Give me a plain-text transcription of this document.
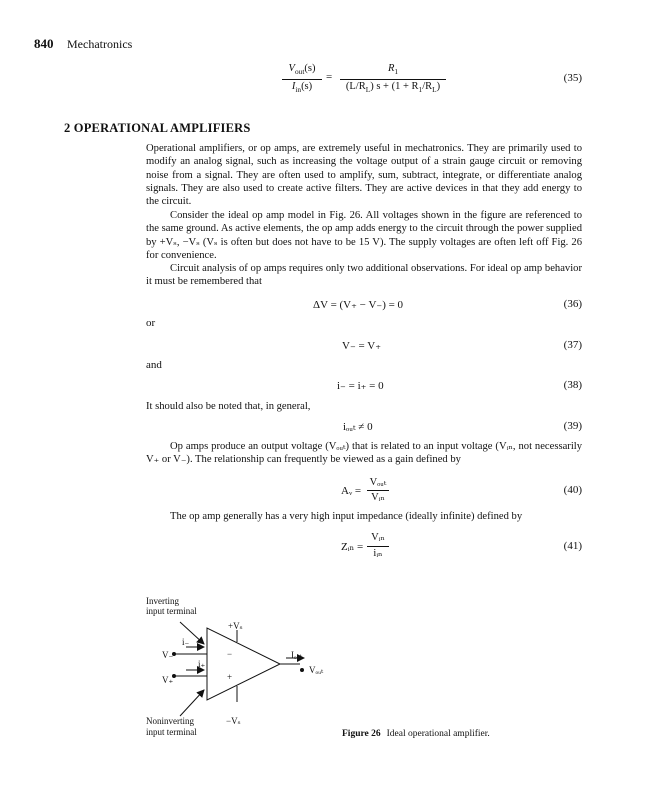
840 Mechatronics
$V_{out}(s)$
$I_{in}(s)$
=
$R_1$
$(L/R_L) s + (1 + R_1/R_L)$
(35)
2 OPERATIONAL AMPLIFIERS
Operational amplifiers, or op amps, are extremely useful in mechatronics. They are primarily used to modify an analog signal, such as increasing the voltage output of a strain gauge circuit or removing noise from a signal. They are often used to amplify, sum, subtract, integrate, or differentiate analog signals. They are also used to create active filters. They are active devices in that they add energy to the circuit.
Consider the ideal op amp model in Fig. 26. All voltages shown in the figure are referenced to the same ground. As active elements, the op amp adds energy to the circuit through the power supplied by +Vₛ, −Vₛ (Vₛ is often but does not have to be 15 V). The supply voltages are often left off Fig. 26 for convenience.
Circuit analysis of op amps requires only two additional observations. For ideal op amp behavior it must be remembered that
ΔV = (V₊ − V₋) = 0	(36)
or
V₋ = V₊	(37)
and
i₋ = i₊ = 0	(38)
It should also be noted that, in general,
iₒᵤₜ ≠ 0	(39)
Op amps produce an output voltage (Vₒᵤₜ) that is related to an input voltage (Vᵢₙ, not necessarily V₊ or V₋). The relationship can frequently be viewed as a gain defined by
Aᵥ =
Vₒᵤₜ
Vᵢₙ
(40)
The op amp generally has a very high input impedance (ideally infinite) defined by
Zᵢₙ =
Vᵢₙ
iᵢₙ
(41)
Inverting
input terminal
+Vₛ
i₋
V₋	−
i₊
Iₒᵤₜ
Vₒᵤₜ
V₊	+
Noninverting
input terminal
−Vₛ
Figure 26 Ideal operational amplifier.
